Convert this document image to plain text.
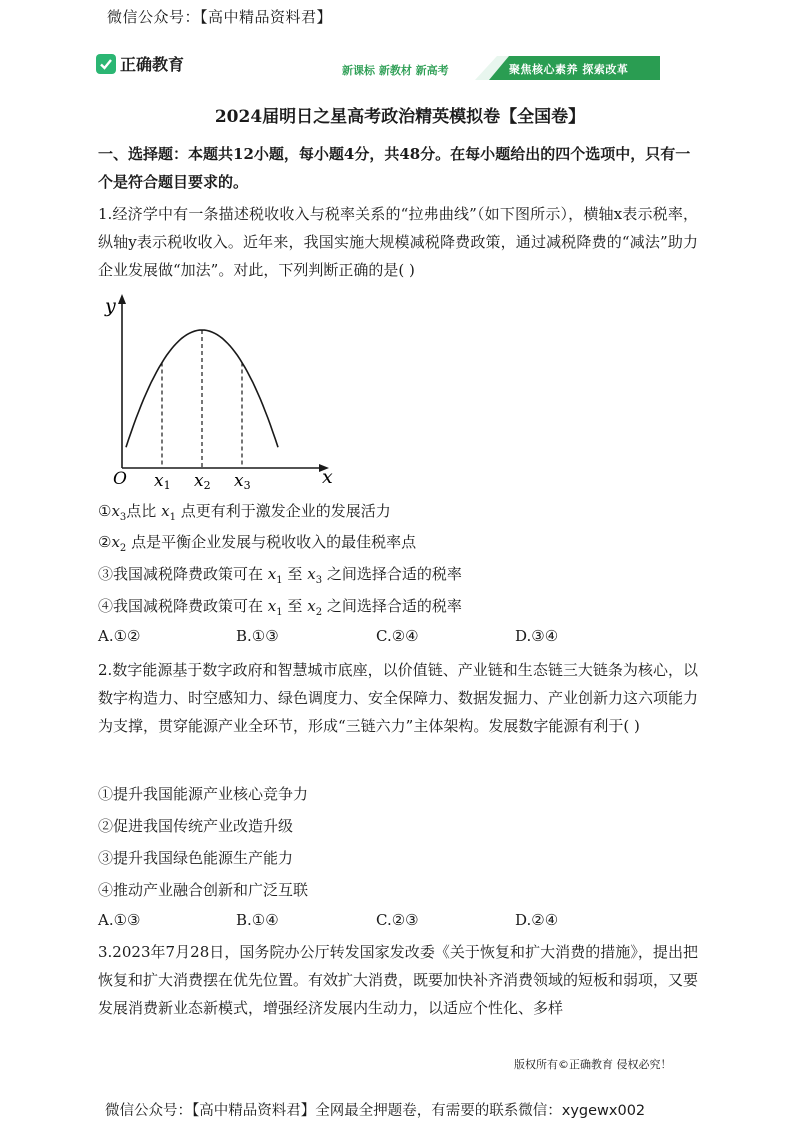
微信公众号：【高中精品资料君】
正确教育	新课标 新教材 新高考	聚焦核心素养 探索改革
2024届明日之星高考政治精英模拟卷【全国卷】
一、选择题：本题共12小题，每小题4分，共48分。在每小题给出的四个选项中，只有一个是符合题目要求的。
1.经济学中有一条描述税收收入与税率关系的“拉弗曲线”（如下图所示），横轴x表示税率，纵轴y表示税收收入。近年来，我国实施大规模减税降费政策，通过减税降费的“减法”助力企业发展做“加法”。对此，下列判断正确的是( )
y
x
O x1 x2 x3
$①x_3$点比 $x_1$ 点更有利于激发企业的发展活力
$②x_2$ 点是平衡企业发展与税收收入的最佳税率点
③我国减税降费政策可在 $x_1$ 至 $x_3$ 之间选择合适的税率
④我国减税降费政策可在 $x_1$ 至 $x_2$ 之间选择合适的税率
A.①②	B.①③	C.②④	D.③④
2.数字能源基于数字政府和智慧城市底座，以价值链、产业链和生态链三大链条为核心，以数字构造力、时空感知力、绿色调度力、安全保障力、数据发掘力、产业创新力这六项能力为支撑，贯穿能源产业全环节，形成“三链六力”主体架构。发展数字能源有利于( )
①提升我国能源产业核心竞争力
②促进我国传统产业改造升级
③提升我国绿色能源生产能力
④推动产业融合创新和广泛互联
A.①③	B.①④	C.②③	D.②④
3.2023年7月28日，国务院办公厅转发国家发改委《关于恢复和扩大消费的措施》，提出把恢复和扩大消费摆在优先位置。有效扩大消费，既要加快补齐消费领域的短板和弱项，又要发展消费新业态新模式，增强经济发展内生动力，以适应个性化、多样
版权所有©正确教育 侵权必究！
微信公众号：【高中精品资料君】全网最全押题卷，有需要的联系微信：xygewx002
